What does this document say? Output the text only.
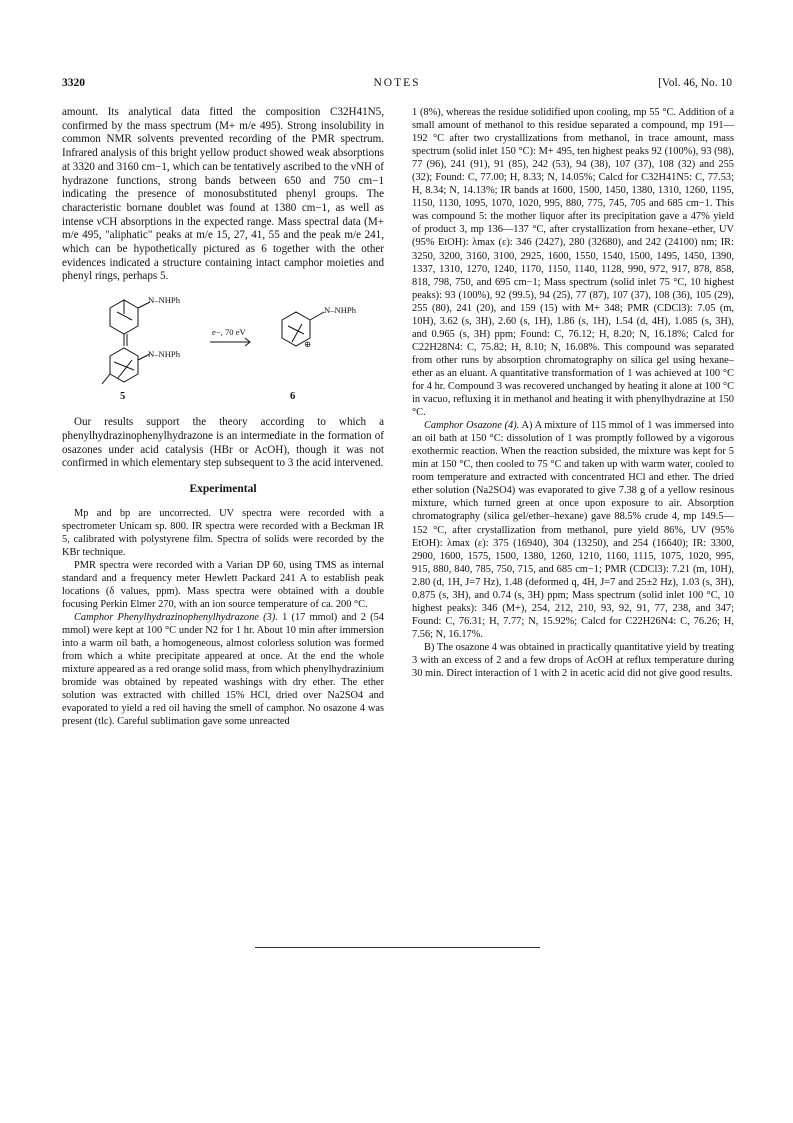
3320	NOTES	[Vol. 46, No. 10

amount. Its analytical data fitted the composition C32H41N5, confirmed by the mass spectrum (M+ m/e 495). Strong insolubility in common NMR solvents prevented recording of the PMR spectrum. Infrared analysis of this bright yellow product showed weak absorptions at 3320 and 3160 cm−1, which can be tentatively ascribed to the νNH of hydrazone functions, strong bands between 650 and 750 cm−1 indicating the presence of monosubstituted phenyl groups. The characteristic bornane doublet was found at 1380 cm−1, as well as intense νCH absorptions in the expected range. Mass spectral data (M+ m/e 495, "aliphatic" peaks at m/e 15, 27, 41, 55 and the peak m/e 241, which can be hypothetically pictured as 6 together with the other evidences indicated a structure containing intact camphor moieties and phenyl rings, perhaps 5.

N–NHPh
N–NHPh
e−, 70 eV
N–NHPh
⊕
5	6

Our results support the theory according to which a phenylhydrazinophenylhydrazone is an intermediate in the formation of osazones under acid catalysis (HBr or AcOH), though it was not confirmed in which elementary step subsequent to 3 the acid intervened.

Experimental

Mp and bp are uncorrected. UV spectra were recorded with a spectrometer Unicam sp. 800. IR spectra were recorded with a Beckman IR 5, calibrated with polystyrene film. Spectra of solids were recorded by the KBr technique.

PMR spectra were recorded with a Varian DP 60, using TMS as internal standard and a frequency meter Hewlett Packard 241 A to establish peak locations (δ values, ppm). Mass spectra were obtained with a double focusing Perkin Elmer 270, with an ion source temperature of ca. 200 °C.

Camphor Phenylhydrazinophenylhydrazone (3). 1 (17 mmol) and 2 (54 mmol) were kept at 100 °C under N2 for 1 hr. About 10 min after immersion into a warm oil bath, a homogeneous, almost colorless solution was formed from which a white precipitate appeared at once. At the end the whole mixture appeared as a red orange solid mass, from which phenylhydrazinium bromide was obtained by repeated washings with dry ether. The ether solution was extracted with chilled 15% HCl, dried over Na2SO4 and evaporated to yield a red oil having the smell of camphor. No osazone 4 was present (tlc). Careful sublimation gave some unreacted

1 (8%), whereas the residue solidified upon cooling, mp 55 °C. Addition of a small amount of methanol to this residue separated a compound, mp 191—192 °C after two crystallizations from methanol, in trace amount, mass spectrum (solid inlet 150 °C): M+ 495, ten highest peaks 92 (100%), 93 (98), 77 (96), 241 (91), 91 (85), 242 (53), 94 (38), 107 (37), 108 (32) and 255 (32); Found: C, 77.00; H, 8.33; N, 14.05%; Calcd for C32H41N5: C, 77.53; H, 8.34; N, 14.13%; IR bands at 1600, 1500, 1450, 1380, 1310, 1260, 1195, 1150, 1130, 1095, 1070, 1020, 995, 880, 775, 745, 705 and 685 cm−1. This was compound 5: the mother liquor after its precipitation gave a 47% yield of product 3, mp 136—137 °C, after crystallization from hexane–ether, UV (95% EtOH): λmax (ε): 346 (2427), 280 (32680), and 242 (24100) nm; IR: 3250, 3200, 3160, 3100, 2925, 1600, 1550, 1540, 1500, 1495, 1450, 1390, 1337, 1310, 1270, 1240, 1170, 1150, 1140, 1128, 990, 972, 917, 878, 858, 818, 798, 750, and 695 cm−1; Mass spectrum (solid inlet 75 °C, 10 highest peaks): 93 (100%), 92 (99.5), 94 (25), 77 (87), 107 (37), 108 (36), 105 (29), 255 (80), 241 (20), and 159 (15) with M+ 348; PMR (CDCl3): 7.05 (m, 10H), 3.62 (s, 3H), 2.60 (s, 1H), 1.86 (s, 1H), 1.54 (d, 4H), 1.085 (s, 3H), and 0.965 (s, 3H) ppm; Found: C, 76.12; H, 8.20; N, 16.18%; Calcd for C22H28N4: C, 75.82; H, 8.10; N, 16.08%. This compound was separated from other runs by absorption chromatography on silica gel using hexane–ether as an eluant. A quantitative transformation of 1 was achieved at 100 °C for 4 hr. Compound 3 was recovered unchanged by heating it alone at 100 °C in vacuo, refluxing it in methanol and heating it with phenylhydrazine at 150 °C.

Camphor Osazone (4). A) A mixture of 115 mmol of 1 was immersed into an oil bath at 150 °C: dissolution of 1 was promptly followed by a vigorous exothermic reaction. When the reaction subsided, the mixture was kept for 5 min at 150 °C, then cooled to 75 °C and taken up with warm water, cooled to room temperature and extracted with concentrated HCl and ether. The dried ether solution (Na2SO4) was evaporated to give 7.38 g of a yellow resinous mixture, which turned green at once upon exposure to air. Absorption chromatography (silica gel/ether–hexane) gave 88.5% crude 4, mp 149.5—152 °C, after crystallization from methanol, pure yield 86%, UV (95% EtOH): λmax (ε): 375 (16940), 304 (13250), and 254 (16640); IR: 3300, 2900, 1600, 1575, 1500, 1380, 1260, 1210, 1160, 1115, 1075, 1020, 995, 915, 880, 840, 785, 750, 715, and 685 cm−1; PMR (CDCl3): 7.21 (m, 10H), 2.80 (d, 1H, J=7 Hz), 1.48 (deformed q, 4H, J=7 and 25±2 Hz), 1.03 (s, 3H), 0.875 (s, 3H), and 0.74 (s, 3H) ppm; Mass spectrum (solid inlet 100 °C, 10 highest peaks): 346 (M+), 254, 212, 210, 93, 92, 91, 77, 238, and 347; Found: C, 76.31; H, 7.77; N, 15.92%; Calcd for C22H26N4: C, 76.26; H, 7.56; N, 16.17%.

B) The osazone 4 was obtained in practically quantitative yield by treating 3 with an excess of 2 and a few drops of AcOH at reflux temperature during 30 min. Direct interaction of 1 with 2 in acetic acid did not give good results.
